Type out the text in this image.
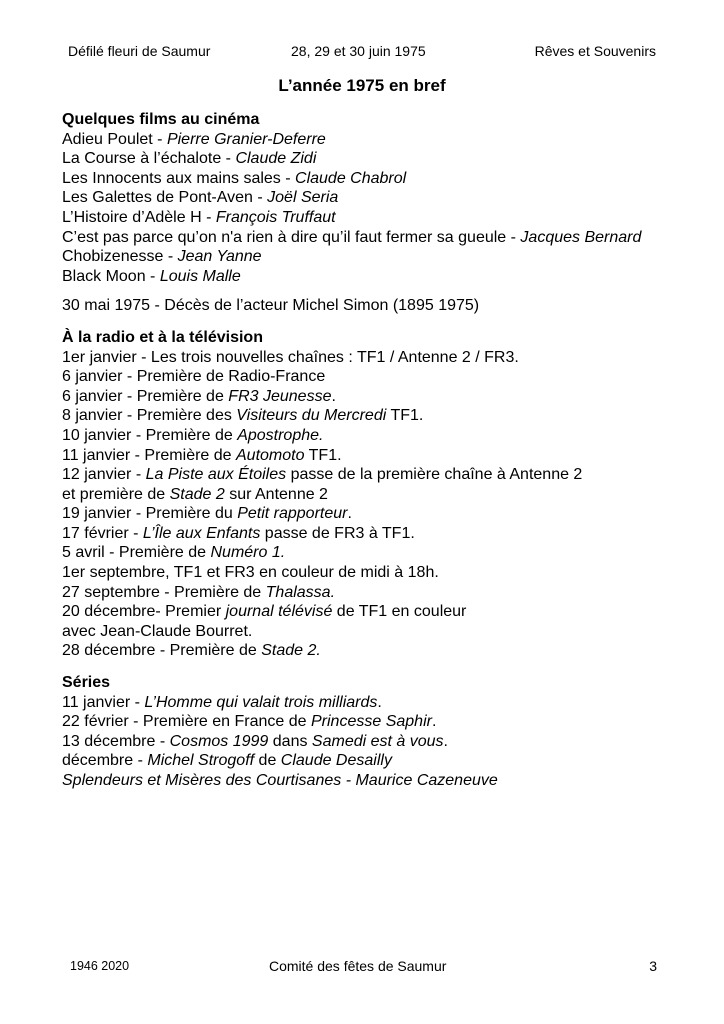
Défilé fleuri de Saumur	28, 29 et 30 juin 1975	Rêves et Souvenirs
L’année 1975 en bref
Quelques films au cinéma
Adieu Poulet - Pierre Granier-Deferre
La Course à l’échalote - Claude Zidi
Les Innocents aux mains sales - Claude Chabrol
Les Galettes de Pont-Aven - Joël Seria
L’Histoire d’Adèle H - François Truffaut
C’est pas parce qu’on n'a rien à dire qu’il faut fermer sa gueule - Jacques Bernard
Chobizenesse - Jean Yanne
Black Moon - Louis Malle
30 mai 1975 - Décès de l’acteur Michel Simon (1895 1975)
À la radio et à la télévision
1er janvier - Les trois nouvelles chaînes : TF1 / Antenne 2 / FR3.
6 janvier - Première de Radio-France
6 janvier - Première de FR3 Jeunesse.
8 janvier - Première des Visiteurs du Mercredi TF1.
10 janvier - Première de Apostrophe.
11 janvier - Première de Automoto TF1.
12 janvier - La Piste aux Étoiles passe de la première chaîne à Antenne 2
et première de Stade 2 sur Antenne 2
19 janvier - Première du Petit rapporteur.
17 février - L’Île aux Enfants passe de FR3 à TF1.
5 avril - Première de Numéro 1.
1er septembre, TF1 et FR3 en couleur de midi à 18h.
27 septembre - Première de Thalassa.
20 décembre- Premier journal télévisé de TF1 en couleur
avec Jean-Claude Bourret.
28 décembre - Première de Stade 2.
Séries
11 janvier - L’Homme qui valait trois milliards.
22 février - Première en France de Princesse Saphir.
13 décembre - Cosmos 1999 dans Samedi est à vous.
décembre - Michel Strogoff de Claude Desailly
Splendeurs et Misères des Courtisanes - Maurice Cazeneuve
1946 2020	Comité des fêtes de Saumur	3
